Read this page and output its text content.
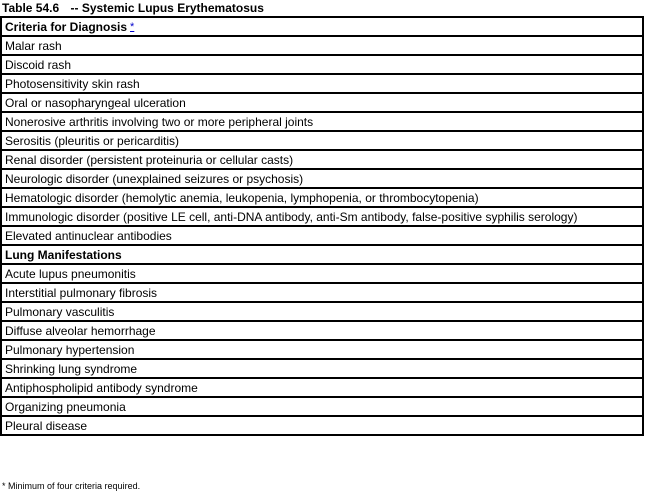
Table 54.6 -- Systemic Lupus Erythematosus
Criteria for Diagnosis *
Malar rash
Discoid rash
Photosensitivity skin rash
Oral or nasopharyngeal ulceration
Nonerosive arthritis involving two or more peripheral joints
Serositis (pleuritis or pericarditis)
Renal disorder (persistent proteinuria or cellular casts)
Neurologic disorder (unexplained seizures or psychosis)
Hematologic disorder (hemolytic anemia, leukopenia, lymphopenia, or thrombocytopenia)
Immunologic disorder (positive LE cell, anti-DNA antibody, anti-Sm antibody, false-positive syphilis serology)
Elevated antinuclear antibodies
Lung Manifestations
Acute lupus pneumonitis
Interstitial pulmonary fibrosis
Pulmonary vasculitis
Diffuse alveolar hemorrhage
Pulmonary hypertension
Shrinking lung syndrome
Antiphospholipid antibody syndrome
Organizing pneumonia
Pleural disease
* Minimum of four criteria required.
